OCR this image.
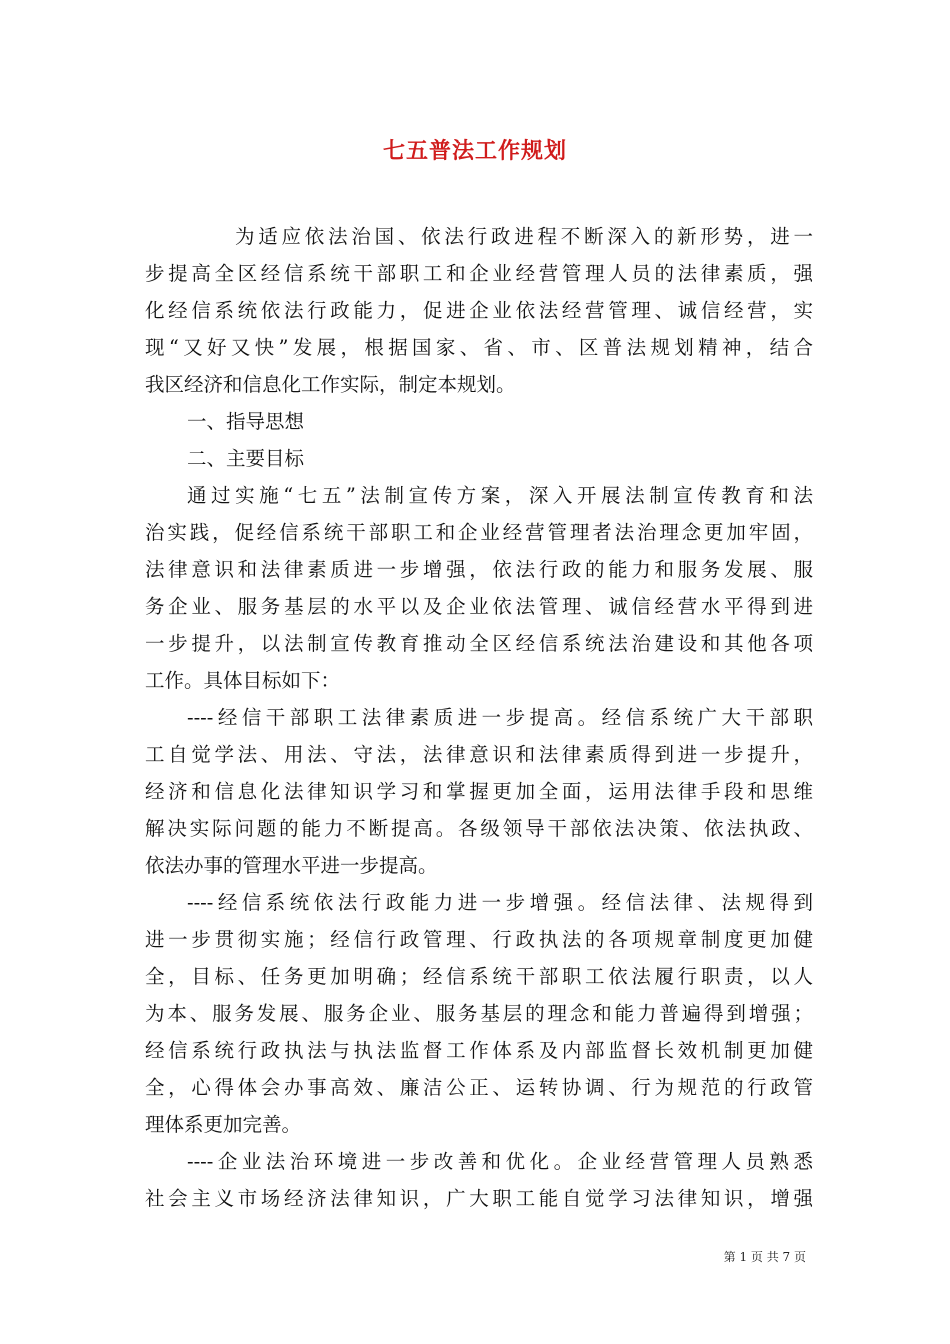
七五普法工作规划
为适应依法治国、依法行政进程不断深入的新形势，进一
步提高全区经信系统干部职工和企业经营管理人员的法律素质，强
化经信系统依法行政能力，促进企业依法经营管理、诚信经营，实
现“又好又快”发展，根据国家、省、市、区普法规划精神，结合
我区经济和信息化工作实际，制定本规划。
一、指导思想
二、主要目标
通过实施“七五”法制宣传方案，深入开展法制宣传教育和法
治实践，促经信系统干部职工和企业经营管理者法治理念更加牢固，
法律意识和法律素质进一步增强，依法行政的能力和服务发展、服
务企业、服务基层的水平以及企业依法管理、诚信经营水平得到进
一步提升，以法制宣传教育推动全区经信系统法治建设和其他各项
工作。具体目标如下：
----经信干部职工法律素质进一步提高。经信系统广大干部职
工自觉学法、用法、守法，法律意识和法律素质得到进一步提升，
经济和信息化法律知识学习和掌握更加全面，运用法律手段和思维
解决实际问题的能力不断提高。各级领导干部依法决策、依法执政、
依法办事的管理水平进一步提高。
----经信系统依法行政能力进一步增强。经信法律、法规得到
进一步贯彻实施；经信行政管理、行政执法的各项规章制度更加健
全，目标、任务更加明确；经信系统干部职工依法履行职责，以人
为本、服务发展、服务企业、服务基层的理念和能力普遍得到增强；
经信系统行政执法与执法监督工作体系及内部监督长效机制更加健
全，心得体会办事高效、廉洁公正、运转协调、行为规范的行政管
理体系更加完善。
----企业法治环境进一步改善和优化。企业经营管理人员熟悉
社会主义市场经济法律知识，广大职工能自觉学习法律知识，增强
第 1 页 共 7 页
